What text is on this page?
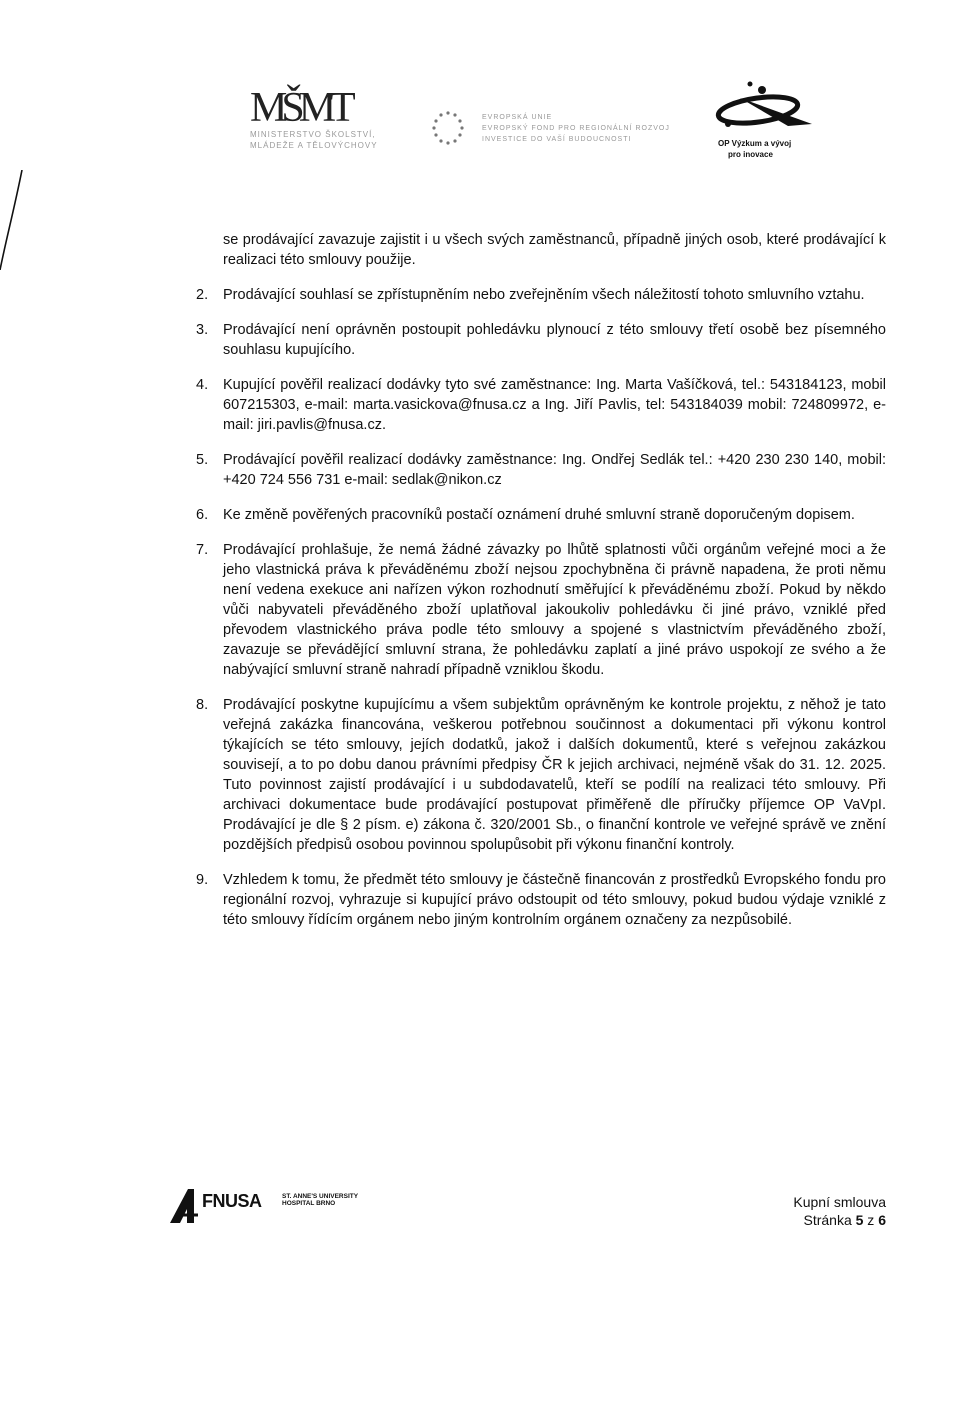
MŠMT
MINISTERSTVO ŠKOLSTVÍ,
MLÁDEŽE A TĚLOVÝCHOVY
EVROPSKÁ UNIE
EVROPSKÝ FOND PRO REGIONÁLNÍ ROZVOJ
INVESTICE DO VAŠÍ BUDOUCNOSTI	OP Výzkum a vývoj
pro inovace

se prodávající zavazuje zajistit i u všech svých zaměstnanců, případně jiných osob, které prodávající k realizaci této smlouvy použije.

2.	Prodávající souhlasí se zpřístupněním nebo zveřejněním všech náležitostí tohoto smluvního vztahu.
3.	Prodávající není oprávněn postoupit pohledávku plynoucí z této smlouvy třetí osobě bez písemného souhlasu kupujícího.
4.	Kupující pověřil realizací dodávky tyto své zaměstnance: Ing. Marta Vašíčková, tel.: 543184123, mobil 607215303, e-mail: marta.vasickova@fnusa.cz a Ing. Jiří Pavlis, tel: 543184039 mobil: 724809972, e-mail: jiri.pavlis@fnusa.cz.
5.	Prodávající pověřil realizací dodávky zaměstnance: Ing. Ondřej Sedlák tel.: +420 230 230 140, mobil: +420 724 556 731 e-mail: sedlak@nikon.cz
6.	Ke změně pověřených pracovníků postačí oznámení druhé smluvní straně doporučeným dopisem.
7.	Prodávající prohlašuje, že nemá žádné závazky po lhůtě splatnosti vůči orgánům veřejné moci a že jeho vlastnická práva k převáděnému zboží nejsou zpochybněna či právně napadena, že proti němu není vedena exekuce ani nařízen výkon rozhodnutí směřující k převáděnému zboží. Pokud by někdo vůči nabyvateli převáděného zboží uplatňoval jakoukoliv pohledávku či jiné právo, vzniklé před převodem vlastnického práva podle této smlouvy a spojené s vlastnictvím převáděného zboží, zavazuje se převádějící smluvní strana, že pohledávku zaplatí a jiné právo uspokojí ze svého a že nabývající smluvní straně nahradí případně vzniklou škodu.
8.	Prodávající poskytne kupujícímu a všem subjektům oprávněným ke kontrole projektu, z něhož je tato veřejná zakázka financována, veškerou potřebnou součinnost a dokumentaci při výkonu kontrol týkajících se této smlouvy, jejích dodatků, jakož i dalších dokumentů, které s veřejnou zakázkou souvisejí, a to po dobu danou právními předpisy ČR k jejich archivaci, nejméně však do 31. 12. 2025. Tuto povinnost zajistí prodávající i u subdodavatelů, kteří se podílí na realizaci této smlouvy. Při archivaci dokumentace bude prodávající postupovat přiměřeně dle příručky příjemce OP VaVpI. Prodávající je dle § 2 písm. e) zákona č. 320/2001 Sb., o finanční kontrole ve veřejné správě ve znění pozdějších předpisů osobou povinnou spolupůsobit při výkonu finanční kontroly.
9.	Vzhledem k tomu, že předmět této smlouvy je částečně financován z prostředků Evropského fondu pro regionální rozvoj, vyhrazuje si kupující právo odstoupit od této smlouvy, pokud budou výdaje vzniklé z této smlouvy řídícím orgánem nebo jiným kontrolním orgánem označeny za nezpůsobilé.
FNUSA	ST. ANNE'S UNIVERSITY
HOSPITAL BRNO	Kupní smlouva
Stránka 5 z 6
